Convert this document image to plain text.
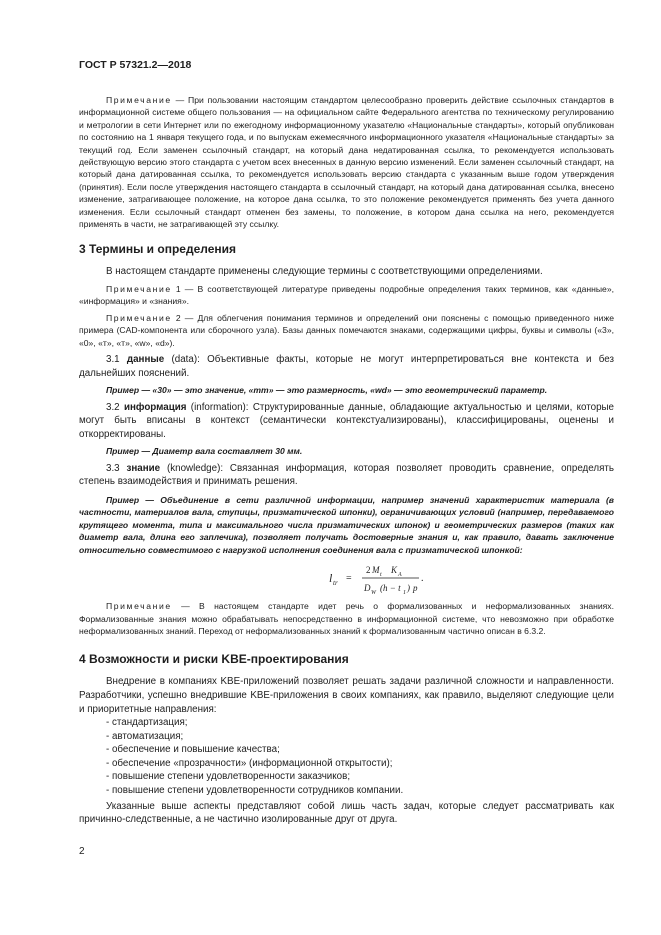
ГОСТ Р 57321.2—2018

Примечание — При пользовании настоящим стандартом целесообразно проверить действие ссылочных стандартов в информационной системе общего пользования — на официальном сайте Федерального агентства по техническому регулированию и метрологии в сети Интернет или по ежегодному информационному указателю «Национальные стандарты», который опубликован по состоянию на 1 января текущего года, и по выпускам ежемесячного информационного указателя «Национальные стандарты» за текущий год. Если заменен ссылочный стандарт, на который дана недатированная ссылка, то рекомендуется использовать действующую версию этого стандарта с учетом всех внесенных в данную версию изменений. Если заменен ссылочный стандарт, на который дана датированная ссылка, то рекомендуется использовать версию стандарта с указанным выше годом утверждения (принятия). Если после утверждения настоящего стандарта в ссылочный стандарт, на который дана датированная ссылка, внесено изменение, затрагивающее положение, на которое дана ссылка, то это положение рекомендуется применять без учета данного изменения. Если ссылочный стандарт отменен без замены, то положение, в котором дана ссылка на него, рекомендуется применять в части, не затрагивающей эту ссылку.

3 Термины и определения

В настоящем стандарте применены следующие термины с соответствующими определениями.

Примечание 1 — В соответствующей литературе приведены подробные определения таких терминов, как «данные», «информация» и «знания».

Примечание 2 — Для облегчения понимания терминов и определений они пояснены с помощью приведенного ниже примера (CAD-компонента или сборочного узла). Базы данных помечаются знаками, содержащими цифры, буквы и символы («3», «0», «т», «т», «w», «d»).

3.1 данные (data): Объективные факты, которые не могут интерпретироваться вне контекста и без дальнейших пояснений.

Пример — «30» — это значение, «тт» — это размерность, «wd» — это геометрический параметр.

3.2 информация (information): Структурированные данные, обладающие актуальностью и целями, которые могут быть вписаны в контекст (семантически контекстуализированы), классифицированы, оценены и откорректированы.

Пример — Диаметр вала составляет 30 мм.

3.3 знание (knowledge): Связанная информация, которая позволяет проводить сравнение, определять степень взаимодействия и принимать решения.

Пример — Объединение в сети различной информации, например значений характеристик материала (в частности, материалов вала, ступицы, призматической шпонки), ограничивающих условий (например, передаваемого крутящего момента, типа и максимального числа призматических шпонок) и геометрических размеров (таких как диаметр вала, длина его заплечика), позволяет получать достоверные знания и, как правило, давать заключение относительно совместимого с нагрузкой исполнения соединения вала с призматической шпонкой:

l tr =
2 M t K A
D W (h − t 1 ) p
.

Примечание — В настоящем стандарте идет речь о формализованных и неформализованных знаниях. Формализованные знания можно обрабатывать непосредственно в информационной системе, что невозможно при обработке неформализованных знаний. Переход от неформализованных знаний к формализованным частично описан в 6.3.2.

4 Возможности и риски KBE-проектирования

Внедрение в компаниях KBE-приложений позволяет решать задачи различной сложности и направленности. Разработчики, успешно внедрившие KBE-приложения в своих компаниях, как правило, выделяют следующие цели и приоритетные направления:

- стандартизация;
- автоматизация;
- обеспечение и повышение качества;
- обеспечение «прозрачности» (информационной открытости);
- повышение степени удовлетворенности заказчиков;
- повышение степени удовлетворенности сотрудников компании.

Указанные выше аспекты представляют собой лишь часть задач, которые следует рассматривать как причинно-следственные, а не частично изолированные друг от друга.

2
